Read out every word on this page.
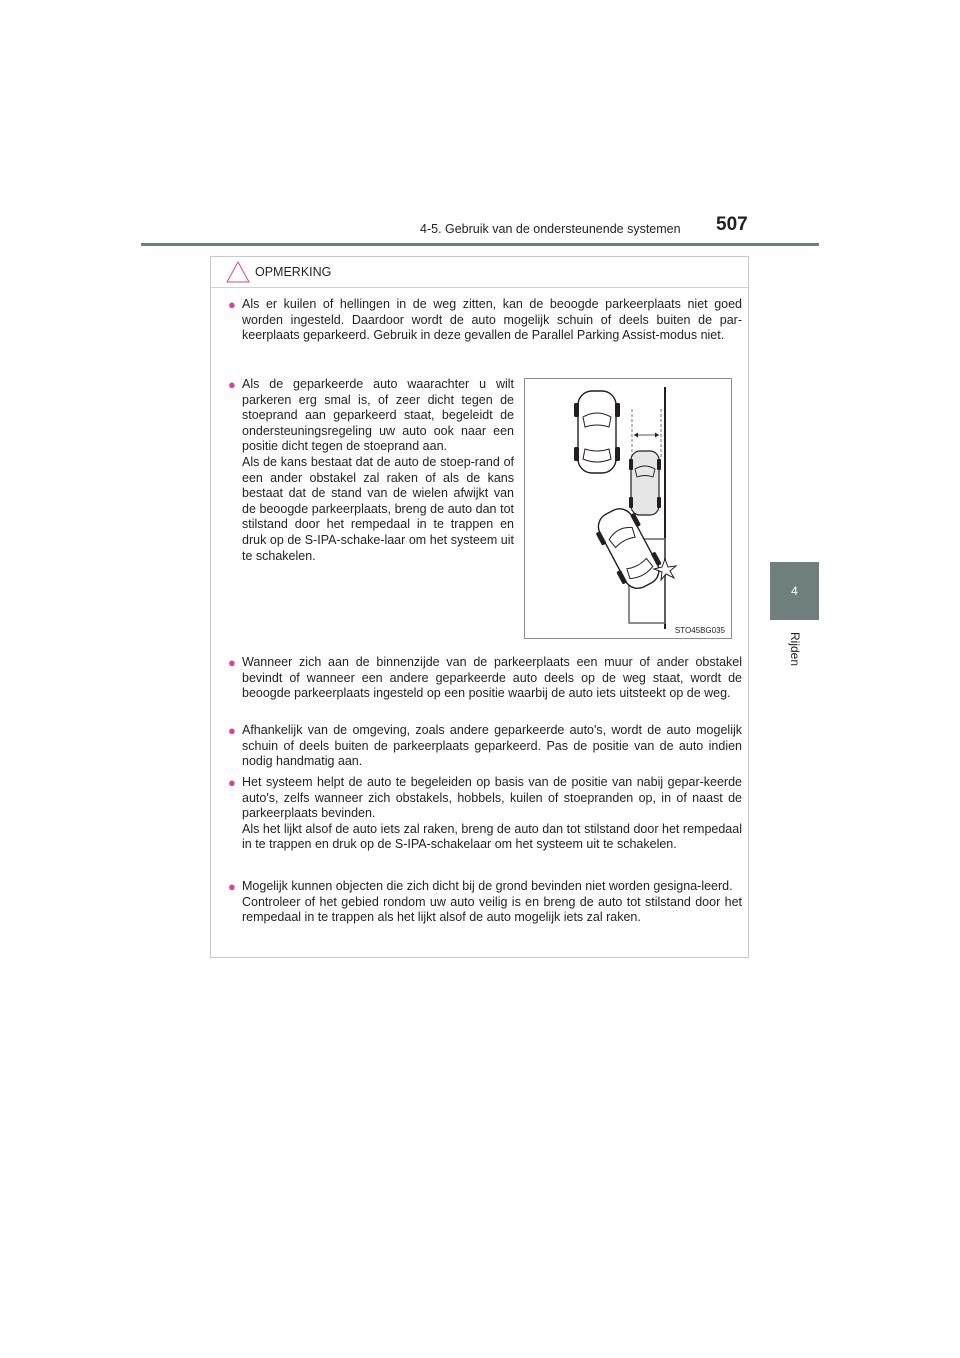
4-5. Gebruik van de ondersteunende systemen	507
4
Rijden
OPMERKING
● Als er kuilen of hellingen in de weg zitten, kan de beoogde parkeerplaats niet goed worden ingesteld. Daardoor wordt de auto mogelijk schuin of deels buiten de par-keerplaats geparkeerd. Gebruik in deze gevallen de Parallel Parking Assist-modus niet.

● Als de geparkeerde auto waarachter u wilt parkeren erg smal is, of zeer dicht tegen de stoeprand aan geparkeerd staat, begeleidt de ondersteuningsregeling uw auto ook naar een positie dicht tegen de stoeprand aan.

Als de kans bestaat dat de auto de stoep-rand of een ander obstakel zal raken of als de kans bestaat dat de stand van de wielen afwijkt van de beoogde parkeerplaats, breng de auto dan tot stilstand door het rempedaal in te trappen en druk op de S-IPA-schake-laar om het systeem uit te schakelen.

STO45BG035
● Wanneer zich aan de binnenzijde van de parkeerplaats een muur of ander obstakel bevindt of wanneer een andere geparkeerde auto deels op de weg staat, wordt de beoogde parkeerplaats ingesteld op een positie waarbij de auto iets uitsteekt op de weg.

● Afhankelijk van de omgeving, zoals andere geparkeerde auto's, wordt de auto mogelijk schuin of deels buiten de parkeerplaats geparkeerd. Pas de positie van de auto indien nodig handmatig aan.

● Het systeem helpt de auto te begeleiden op basis van de positie van nabij gepar-keerde auto's, zelfs wanneer zich obstakels, hobbels, kuilen of stoepranden op, in of naast de parkeerplaats bevinden.

Als het lijkt alsof de auto iets zal raken, breng de auto dan tot stilstand door het rempedaal in te trappen en druk op de S-IPA-schakelaar om het systeem uit te schakelen.

● Mogelijk kunnen objecten die zich dicht bij de grond bevinden niet worden gesigna-leerd.

Controleer of het gebied rondom uw auto veilig is en breng de auto tot stilstand door het rempedaal in te trappen als het lijkt alsof de auto mogelijk iets zal raken.
